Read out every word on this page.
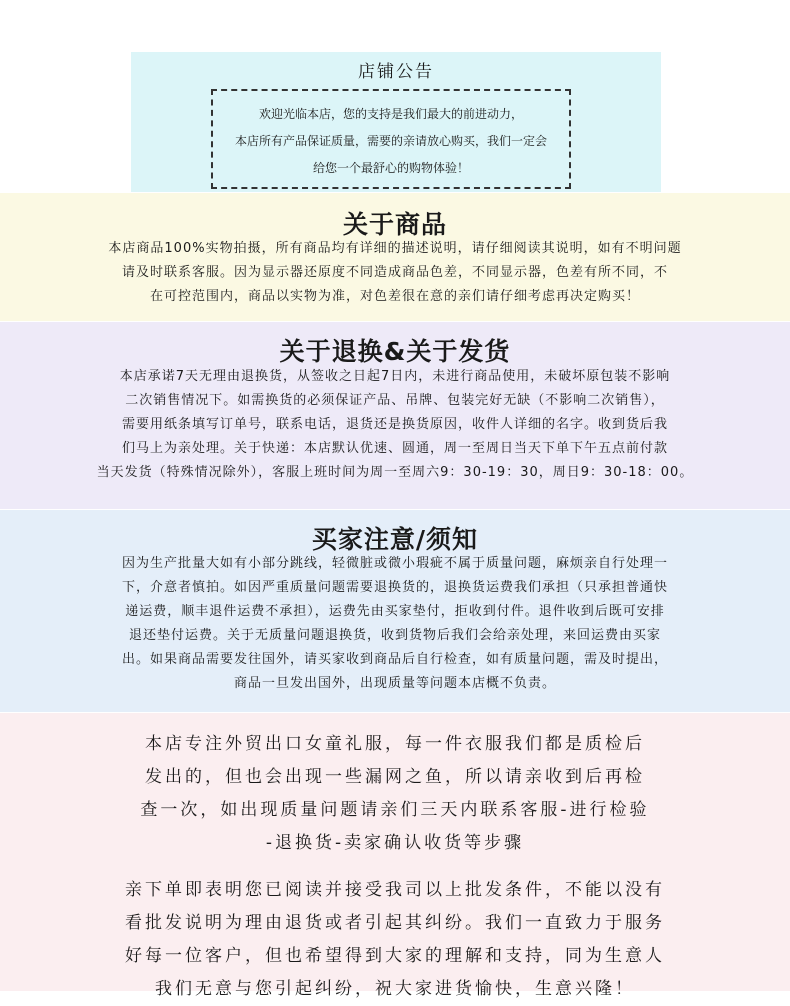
店铺公告
欢迎光临本店，您的支持是我们最大的前进动力，
本店所有产品保证质量，需要的亲请放心购买，我们一定会
给您一个最舒心的购物体验！
关于商品
本店商品100%实物拍摄，所有商品均有详细的描述说明，请仔细阅读其说明，如有不明问题
请及时联系客服。因为显示器还原度不同造成商品色差，不同显示器，色差有所不同，不
在可控范围内，商品以实物为准，对色差很在意的亲们请仔细考虑再决定购买！
关于退换&关于发货
本店承诺7天无理由退换货，从签收之日起7日内，未进行商品使用，未破坏原包装不影响
二次销售情况下。如需换货的必须保证产品、吊牌、包装完好无缺（不影响二次销售），
需要用纸条填写订单号，联系电话，退货还是换货原因，收件人详细的名字。收到货后我
们马上为亲处理。关于快递：本店默认优速、圆通，周一至周日当天下单下午五点前付款
当天发货（特殊情况除外），客服上班时间为周一至周六9：30-19：30，周日9：30-18：00。
买家注意/须知
因为生产批量大如有小部分跳线，轻微脏或微小瑕疵不属于质量问题，麻烦亲自行处理一
下，介意者慎拍。如因严重质量问题需要退换货的，退换货运费我们承担（只承担普通快
递运费，顺丰退件运费不承担），运费先由买家垫付，拒收到付件。退件收到后既可安排
退还垫付运费。关于无质量问题退换货，收到货物后我们会给亲处理，来回运费由买家
出。如果商品需要发往国外，请买家收到商品后自行检查，如有质量问题，需及时提出，
商品一旦发出国外，出现质量等问题本店概不负责。
本店专注外贸出口女童礼服，每一件衣服我们都是质检后
发出的，但也会出现一些漏网之鱼，所以请亲收到后再检
查一次，如出现质量问题请亲们三天内联系客服-进行检验
-退换货-卖家确认收货等步骤
亲下单即表明您已阅读并接受我司以上批发条件，不能以没有
看批发说明为理由退货或者引起其纠纷。我们一直致力于服务
好每一位客户，但也希望得到大家的理解和支持，同为生意人
我们无意与您引起纠纷，祝大家进货愉快，生意兴隆！
